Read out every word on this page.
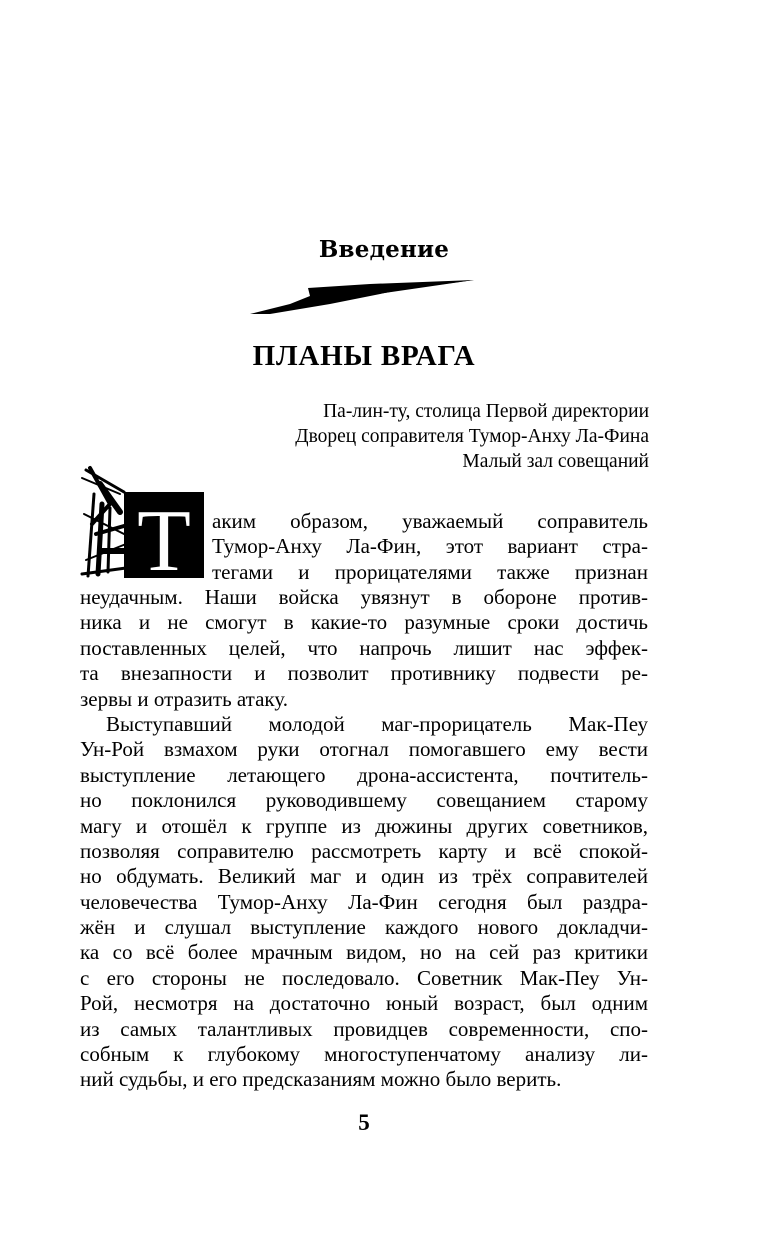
Введение
ПЛАНЫ ВРАГА
Па-лин-ту, столица Первой директории
Дворец соправителя Тумор-Анху Ла-Фина
Малый зал совещаний
Т аким образом, уважаемый соправитель
Тумор-Анху Ла-Фин, этот вариант стра-
тегами и прорицателями также признан
неудачным. Наши войска увязнут в обороне против-
ника и не смогут в какие-то разумные сроки достичь
поставленных целей, что напрочь лишит нас эффек-
та внезапности и позволит противнику подвести ре-
зервы и отразить атаку.
Выступавший молодой маг-прорицатель Мак-Пеу
Ун-Рой взмахом руки отогнал помогавшего ему вести
выступление летающего дрона-ассистента, почтитель-
но поклонился руководившему совещанием старому
магу и отошёл к группе из дюжины других советников,
позволяя соправителю рассмотреть карту и всё спокой-
но обдумать. Великий маг и один из трёх соправителей
человечества Тумор-Анху Ла-Фин сегодня был раздра-
жён и слушал выступление каждого нового докладчи-
ка со всё более мрачным видом, но на сей раз критики
с его стороны не последовало. Советник Мак-Пеу Ун-
Рой, несмотря на достаточно юный возраст, был одним
из самых талантливых провидцев современности, спо-
собным к глубокому многоступенчатому анализу ли-
ний судьбы, и его предсказаниям можно было верить.
5
